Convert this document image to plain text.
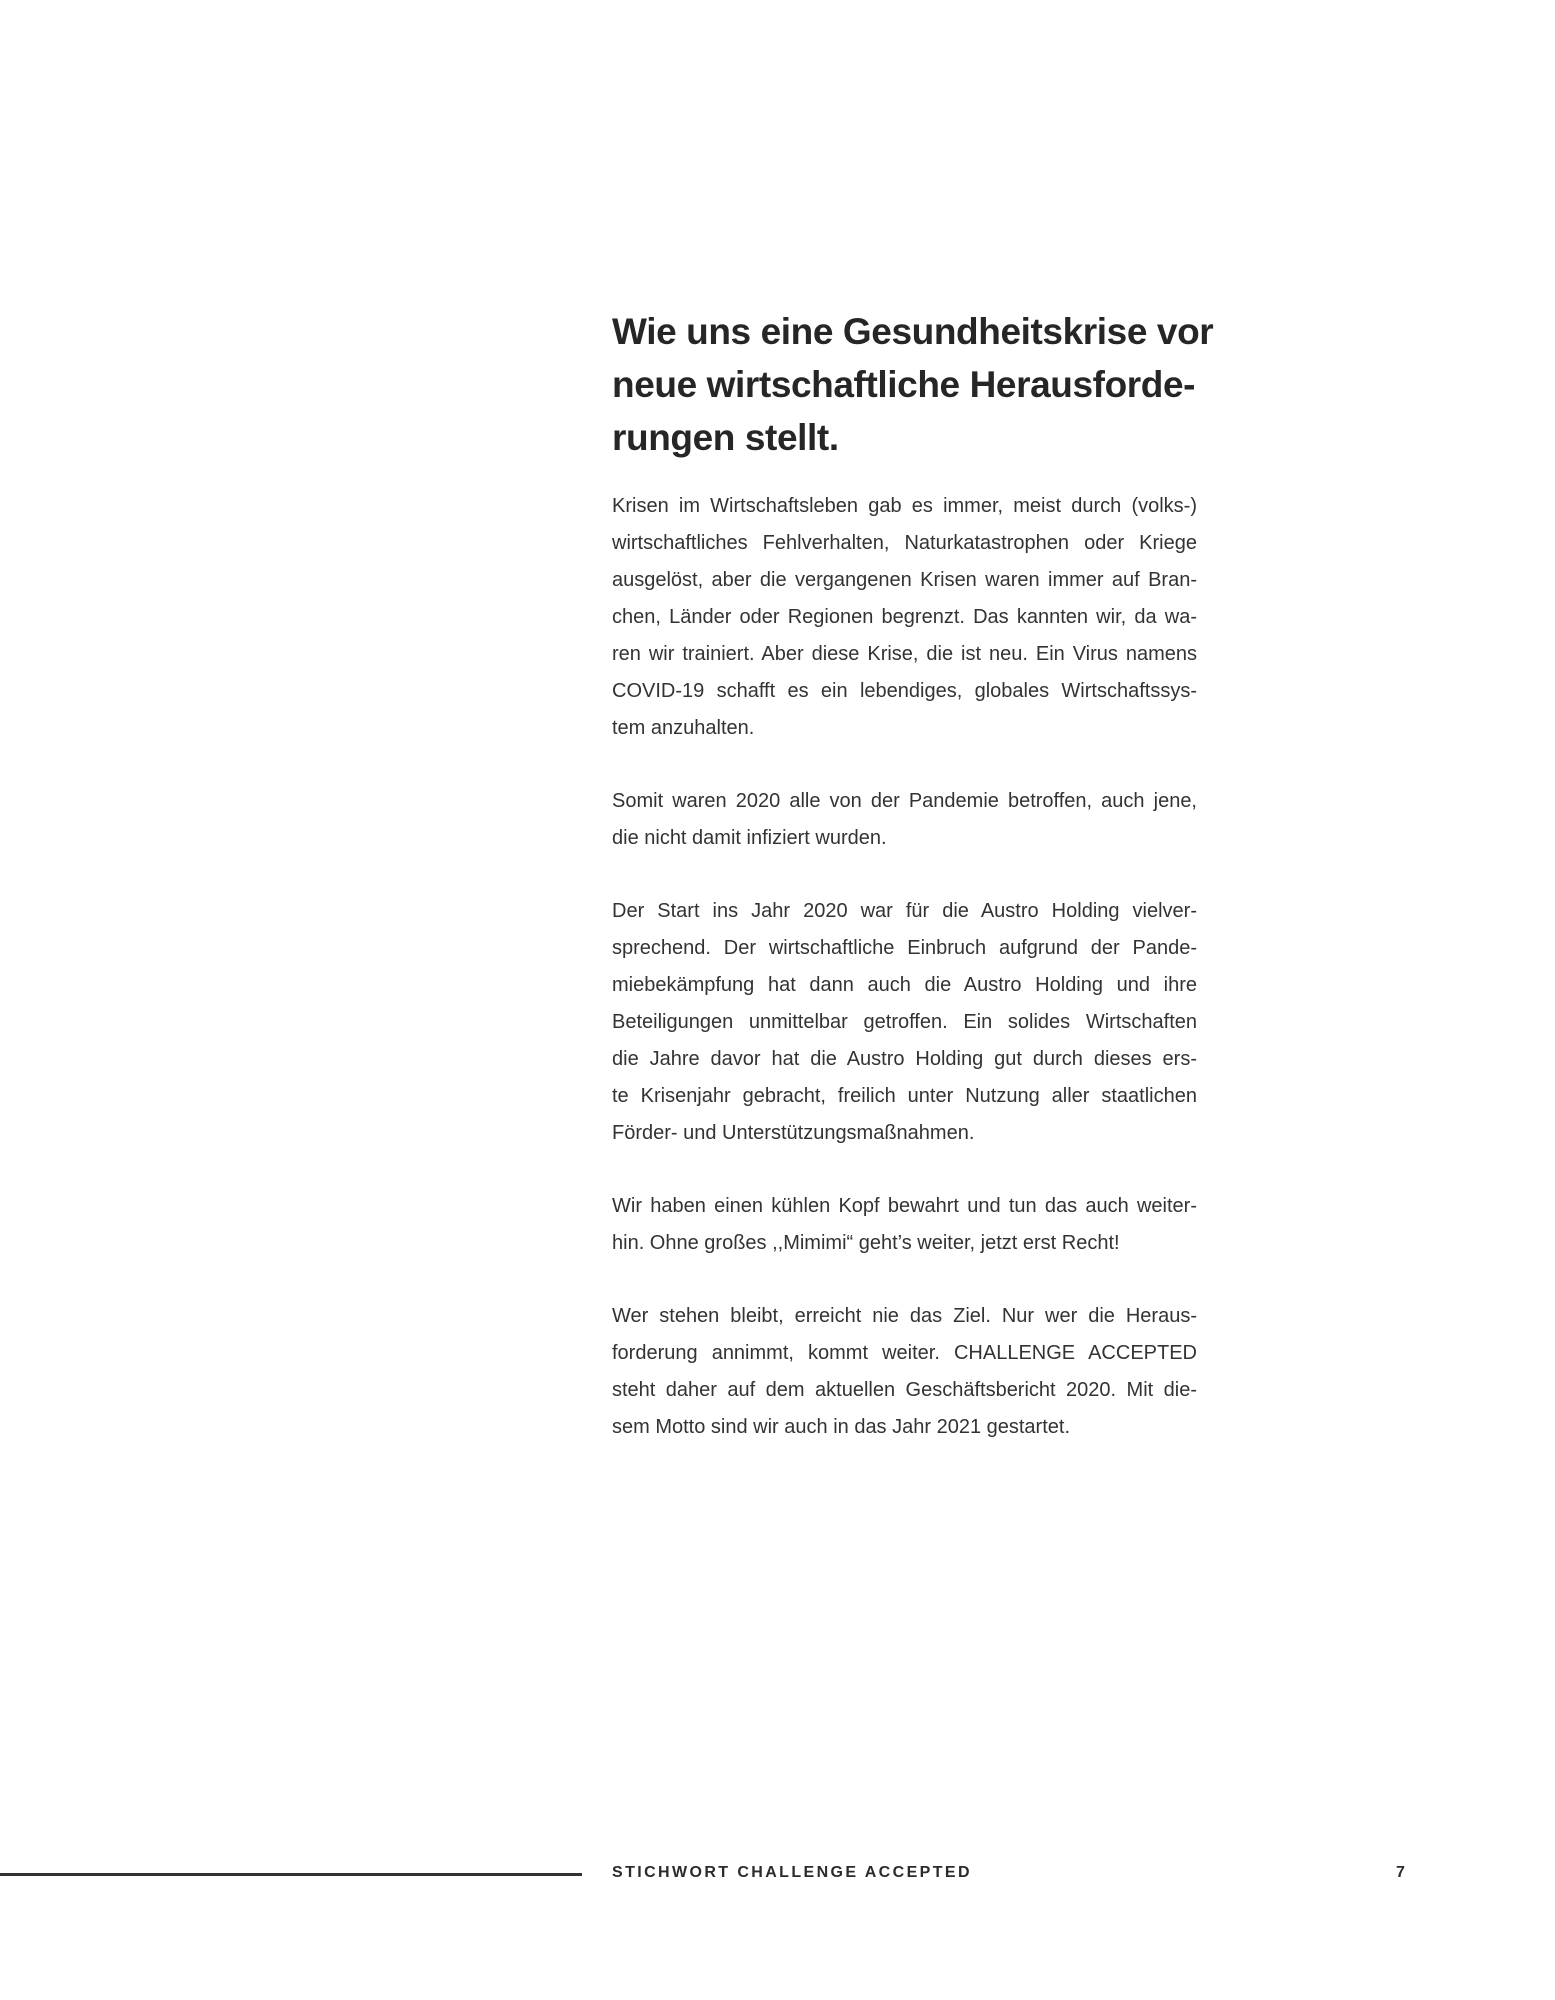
Wie uns eine Gesundheitskrise vor
neue wirtschaftliche Herausforde-
rungen stellt.

Krisen im Wirtschaftsleben gab es immer, meist durch (volks-)
wirtschaftliches Fehlverhalten, Naturkatastrophen oder Kriege
ausgelöst, aber die vergangenen Krisen waren immer auf Bran-
chen, Länder oder Regionen begrenzt. Das kannten wir, da wa-
ren wir trainiert. Aber diese Krise, die ist neu. Ein Virus namens
COVID-19 schafft es ein lebendiges, globales Wirtschaftssys-
tem anzuhalten.

Somit waren 2020 alle von der Pandemie betroffen, auch jene,
die nicht damit infiziert wurden.

Der Start ins Jahr 2020 war für die Austro Holding vielver-
sprechend. Der wirtschaftliche Einbruch aufgrund der Pande-
miebekämpfung hat dann auch die Austro Holding und ihre
Beteiligungen unmittelbar getroffen. Ein solides Wirtschaften
die Jahre davor hat die Austro Holding gut durch dieses ers-
te Krisenjahr gebracht, freilich unter Nutzung aller staatlichen
Förder- und Unterstützungsmaßnahmen.

Wir haben einen kühlen Kopf bewahrt und tun das auch weiter-
hin. Ohne großes ,,Mimimi“ geht’s weiter, jetzt erst Recht!

Wer stehen bleibt, erreicht nie das Ziel. Nur wer die Heraus-
forderung annimmt, kommt weiter. CHALLENGE ACCEPTED
steht daher auf dem aktuellen Geschäftsbericht 2020. Mit die-
sem Motto sind wir auch in das Jahr 2021 gestartet.

STICHWORT CHALLENGE ACCEPTED	7
